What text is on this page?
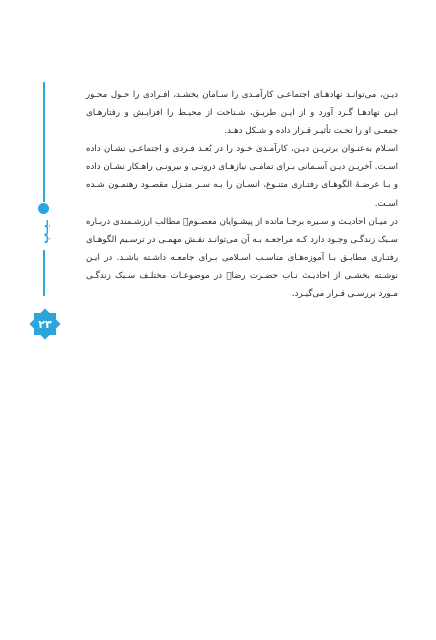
دیـن، می‌توانـد نهادهـای اجتماعـی کارآمـدی را سـامان بخشـد، افـرادی را حـول محـور ایـن نهادهـا گـرد آورد و از ایـن طریـق، شـناخت از محیـط را افزایـش و رفتارهـای جمعـی او را تحـت تأثیـر قـرار داده و شـکل دهـد.

اسـلام به‌عنـوان برتریـن دیـن، کارآمـدی خـود را در بُعـد فـردی و اجتماعـی نشـان داده اسـت. آخریـن دیـن آسـمانی بـرای تمامـی نیازهـای درونـی و بیرونـی راهـکار نشـان داده و بـا عرضـهٔ الگوهـای رفتـاری متنـوع، انسـان را بـه سـر منـزل مقصـود رهنمـون شـده اسـت.

در میـان احادیـث و سـیره برجـا مانده از پیشـوایان معصـومﷺ مطالب ارزشـمندی دربـاره سـبک زندگـی وجـود دارد کـه مراجعـه بـه آن می‌توانـد نقـش مهمـی در ترسـیم الگوهـای رفتـاری مطابـق بـا آموزه‌هـای مناسـب اسـلامی بـرای جامعـه داشـته باشـد. در ایـن نوشـته بخشـی از احادیـث نـاب حضـرت رضاؑ در موضوعـات مختلـف سـبک زندگـی مـورد بررسـی قـرار می‌گیـرد.

ـیـپ
۲۳
